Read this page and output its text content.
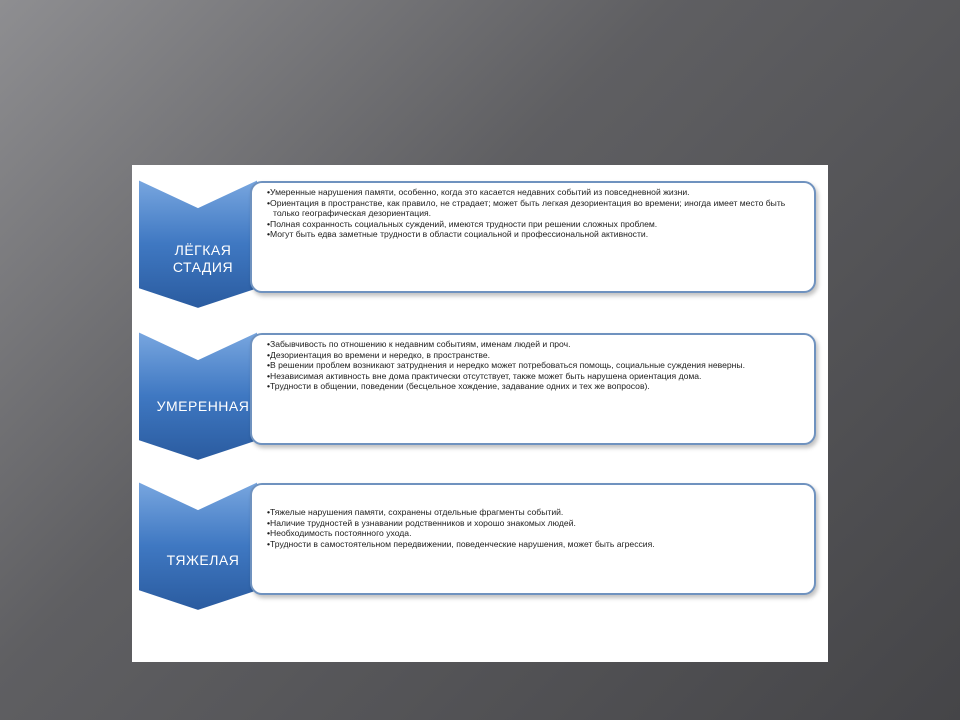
ЛЁГКАЯ
СТАДИЯ
•Умеренные нарушения памяти, особенно, когда это касается недавних событий из повседневной жизни.
•Ориентация в пространстве, как правило, не страдает; может быть легкая дезориентация во времени; иногда имеет место быть только географическая дезориентация.
•Полная сохранность социальных суждений, имеются трудности при решении сложных проблем.
•Могут быть едва заметные трудности в области социальной и профессиональной активности.
УМЕРЕННАЯ
•Забывчивость по отношению к недавним событиям, именам людей и проч.
•Дезориентация во времени и нередко, в пространстве.
•В решении проблем возникают затруднения и нередко может потребоваться помощь, социальные суждения неверны.
•Независимая активность вне дома практически отсутствует, также может быть нарушена ориентация дома.
•Трудности в общении, поведении (бесцельное хождение, задавание одних и тех же вопросов).
ТЯЖЕЛАЯ
•Тяжелые нарушения памяти, сохранены отдельные фрагменты событий.
•Наличие трудностей в узнавании родственников и хорошо знакомых людей.
•Необходимость постоянного ухода.
•Трудности в самостоятельном передвижении, поведенческие нарушения, может быть агрессия.
